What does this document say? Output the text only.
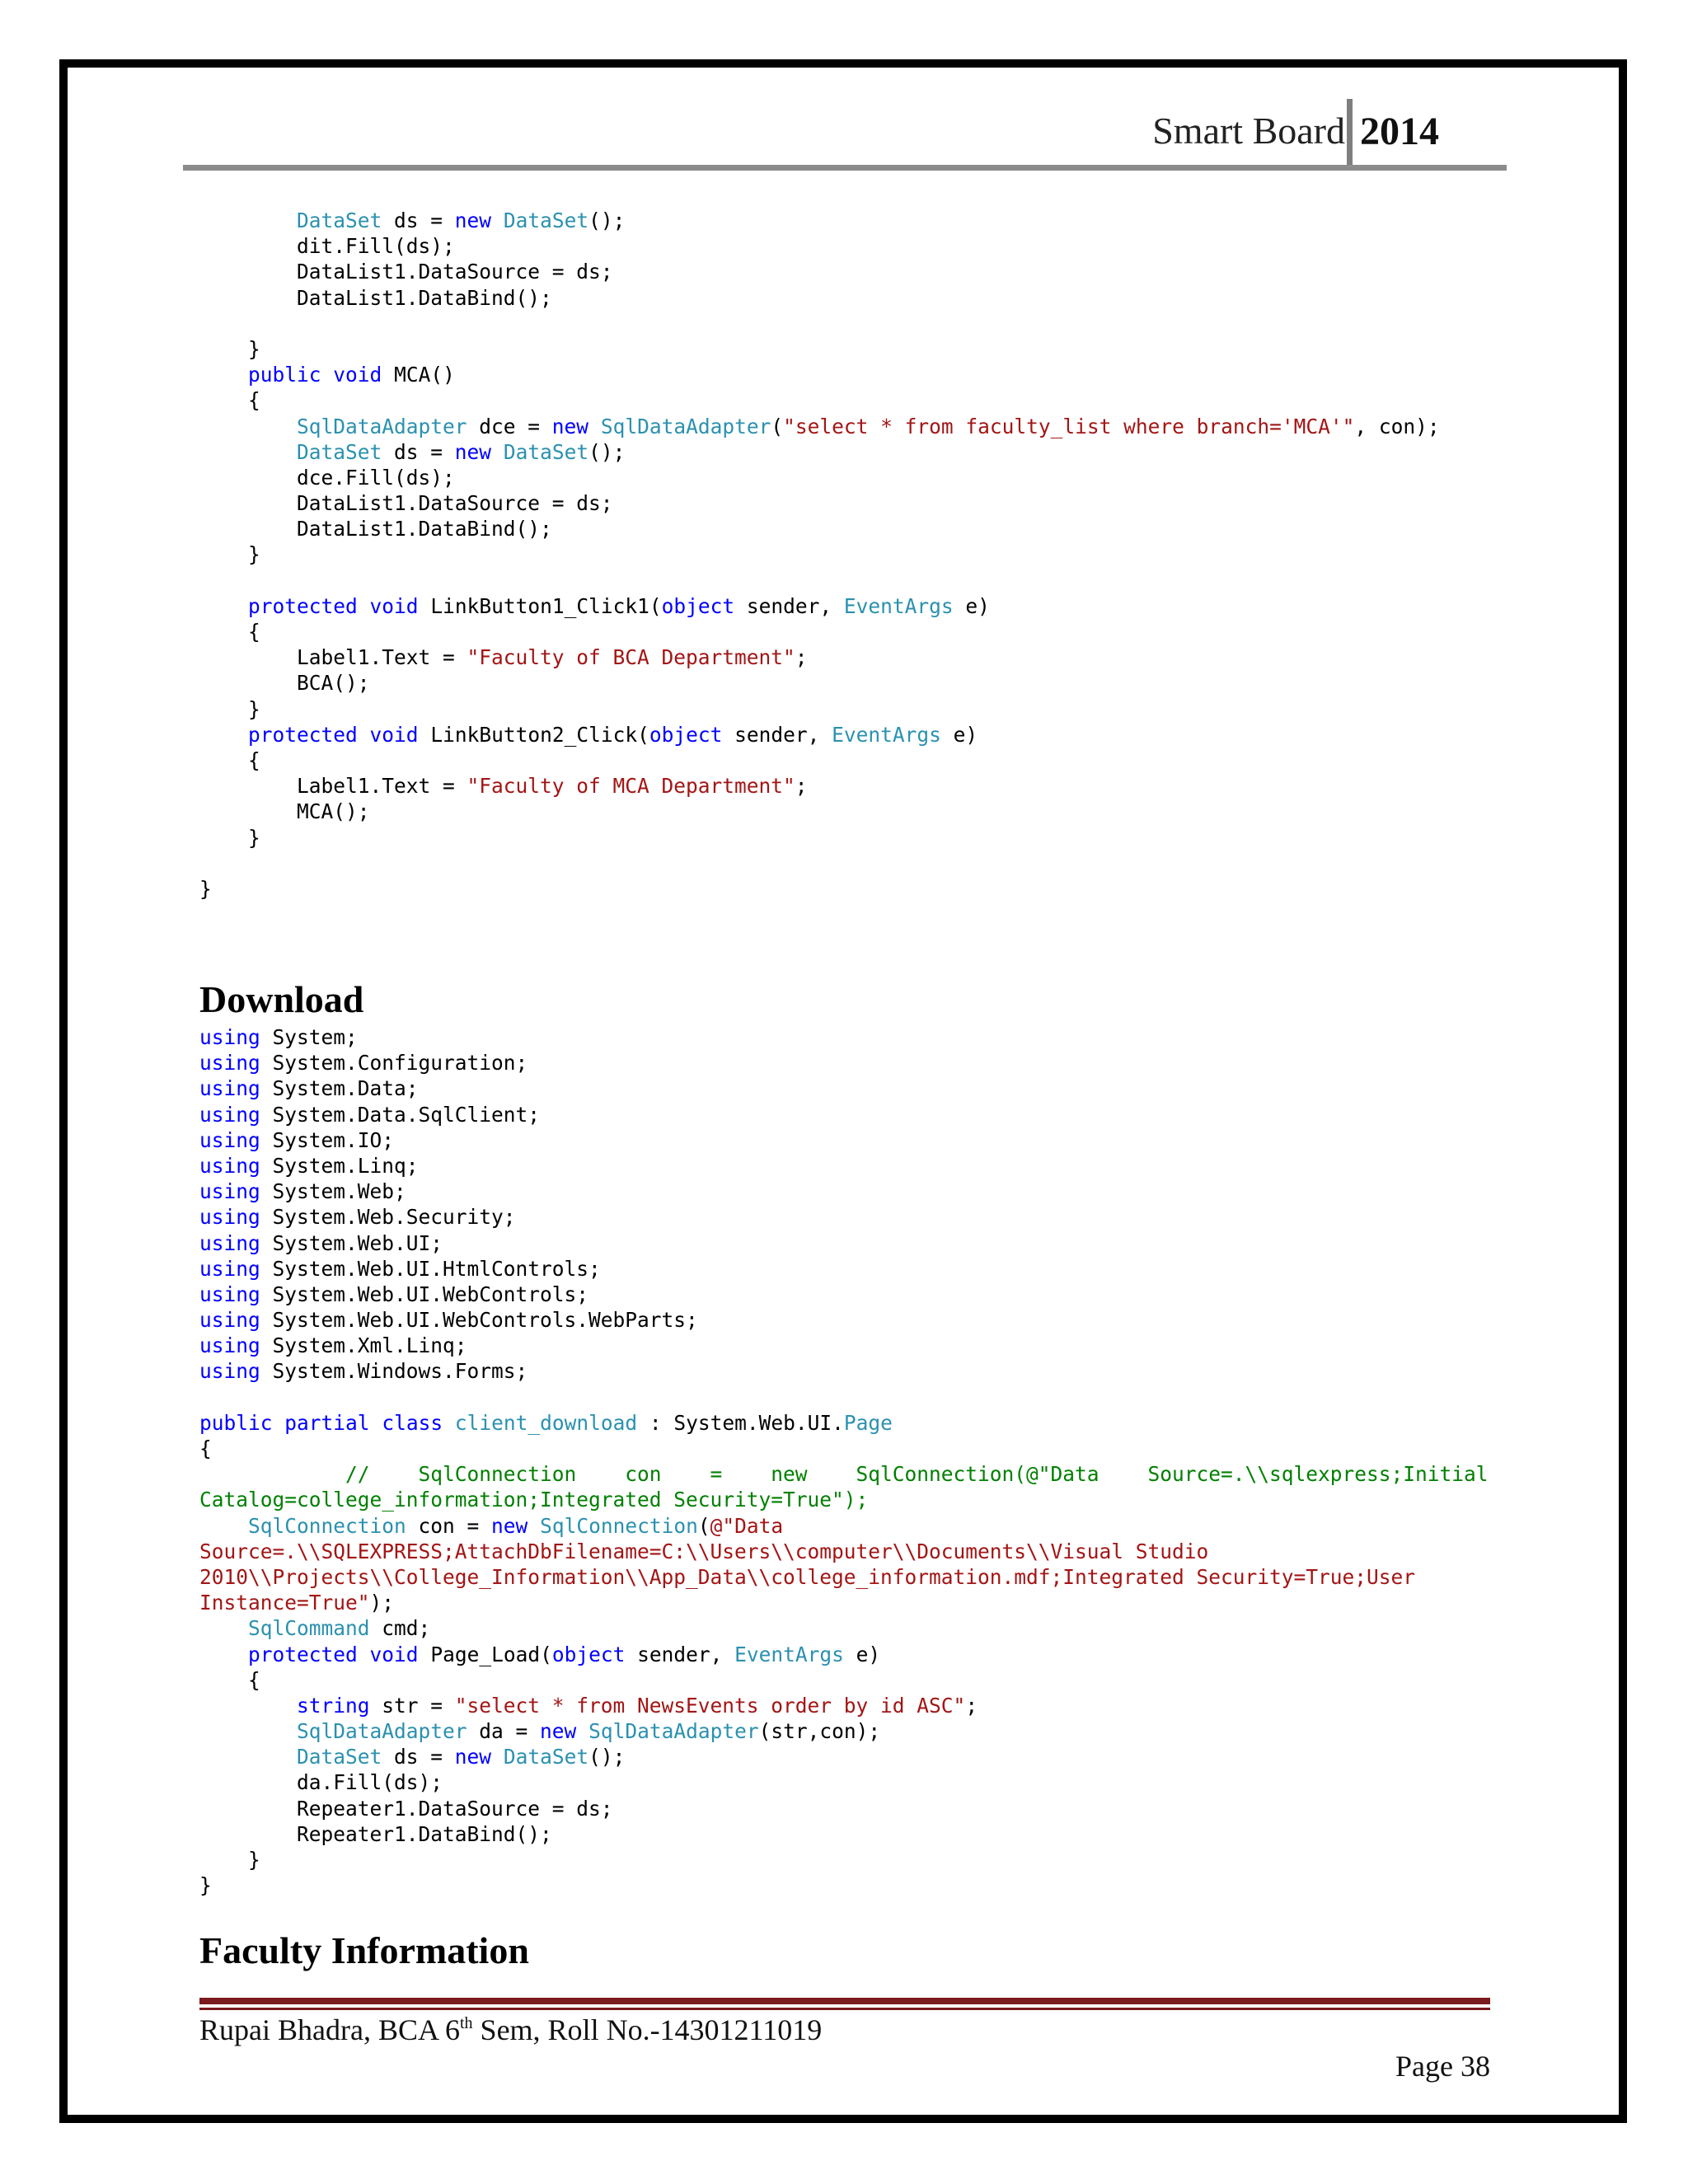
Smart Board 2014
DataSet ds = new DataSet();
dit.Fill(ds);
DataList1.DataSource = ds;
DataList1.DataBind();
}
public void MCA()
{
SqlDataAdapter dce = new SqlDataAdapter("select * from faculty_list where branch='MCA'", con);
DataSet ds = new DataSet();
dce.Fill(ds);
DataList1.DataSource = ds;
DataList1.DataBind();
}
protected void LinkButton1_Click1(object sender, EventArgs e)
{
Label1.Text = "Faculty of BCA Department";
BCA();
}
protected void LinkButton2_Click(object sender, EventArgs e)
{
Label1.Text = "Faculty of MCA Department";
MCA();
}
}
Download
using System;
using System.Configuration;
using System.Data;
using System.Data.SqlClient;
using System.IO;
using System.Linq;
using System.Web;
using System.Web.Security;
using System.Web.UI;
using System.Web.UI.HtmlControls;
using System.Web.UI.WebControls;
using System.Web.UI.WebControls.WebParts;
using System.Xml.Linq;
using System.Windows.Forms;
public partial class client_download : System.Web.UI.Page
{
//    SqlConnection    con    =    new    SqlConnection(@"Data    Source=.\\sqlexpress;Initial
Catalog=college_information;Integrated Security=True");
SqlConnection con = new SqlConnection(@"Data
Source=.\\SQLEXPRESS;AttachDbFilename=C:\\Users\\computer\\Documents\\Visual Studio
2010\\Projects\\College_Information\\App_Data\\college_information.mdf;Integrated Security=True;User
Instance=True");
SqlCommand cmd;
protected void Page_Load(object sender, EventArgs e)
{
string str = "select * from NewsEvents order by id ASC";
SqlDataAdapter da = new SqlDataAdapter(str,con);
DataSet ds = new DataSet();
da.Fill(ds);
Repeater1.DataSource = ds;
Repeater1.DataBind();
}
}
Faculty Information
Rupai Bhadra, BCA 6th Sem, Roll No.-14301211019
Page 38
